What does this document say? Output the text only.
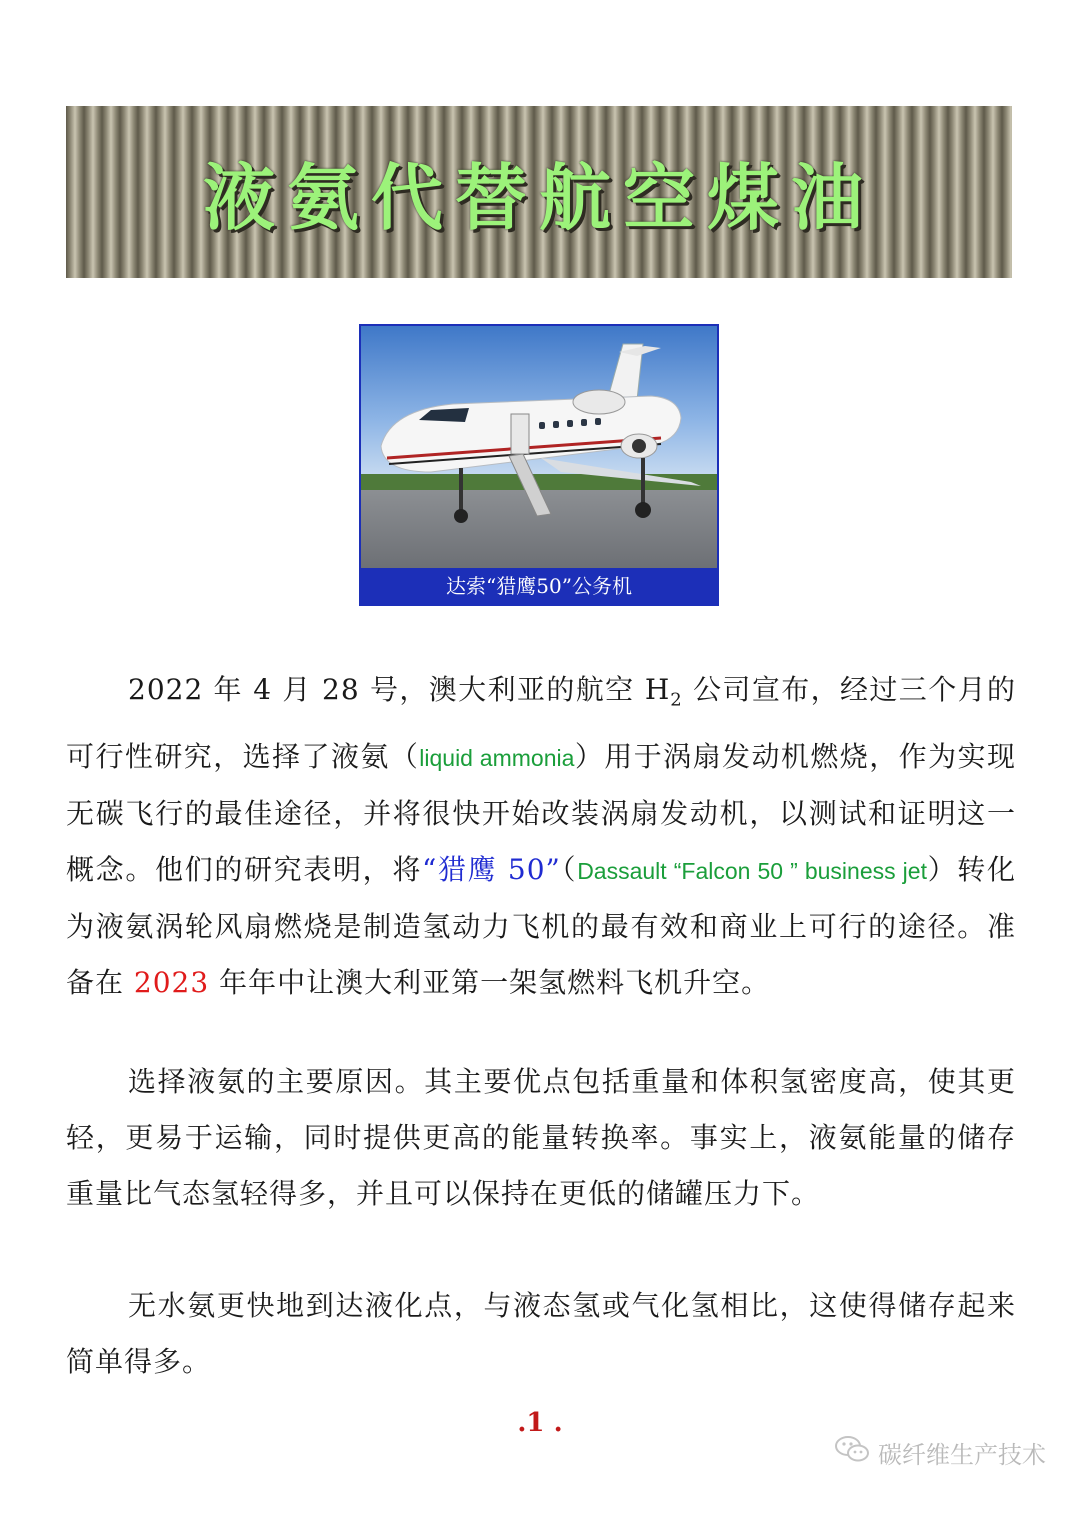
液氨代替航空煤油
达索“猎鹰50”公务机
2022 年 4 月 28 号，澳大利亚的航空 $H_2$ 公司宣布，经过三个月的可行性研究，选择了液氨（liquid ammonia）用于涡扇发动机燃烧，作为实现无碳飞行的最佳途径，并将很快开始改装涡扇发动机，以测试和证明这一概念。他们的研究表明，将“猎鹰 50”（Dassault “Falcon 50 ” business jet）转化为液氨涡轮风扇燃烧是制造氢动力飞机的最有效和商业上可行的途径。准备在 2023 年年中让澳大利亚第一架氢燃料飞机升空。
选择液氨的主要原因。其主要优点包括重量和体积氢密度高，使其更轻，更易于运输，同时提供更高的能量转换率。事实上，液氨能量的储存重量比气态氢轻得多，并且可以保持在更低的储罐压力下。
无水氨更快地到达液化点，与液态氢或气化氢相比，这使得储存起来简单得多。
.1 .
碳纤维生产技术
